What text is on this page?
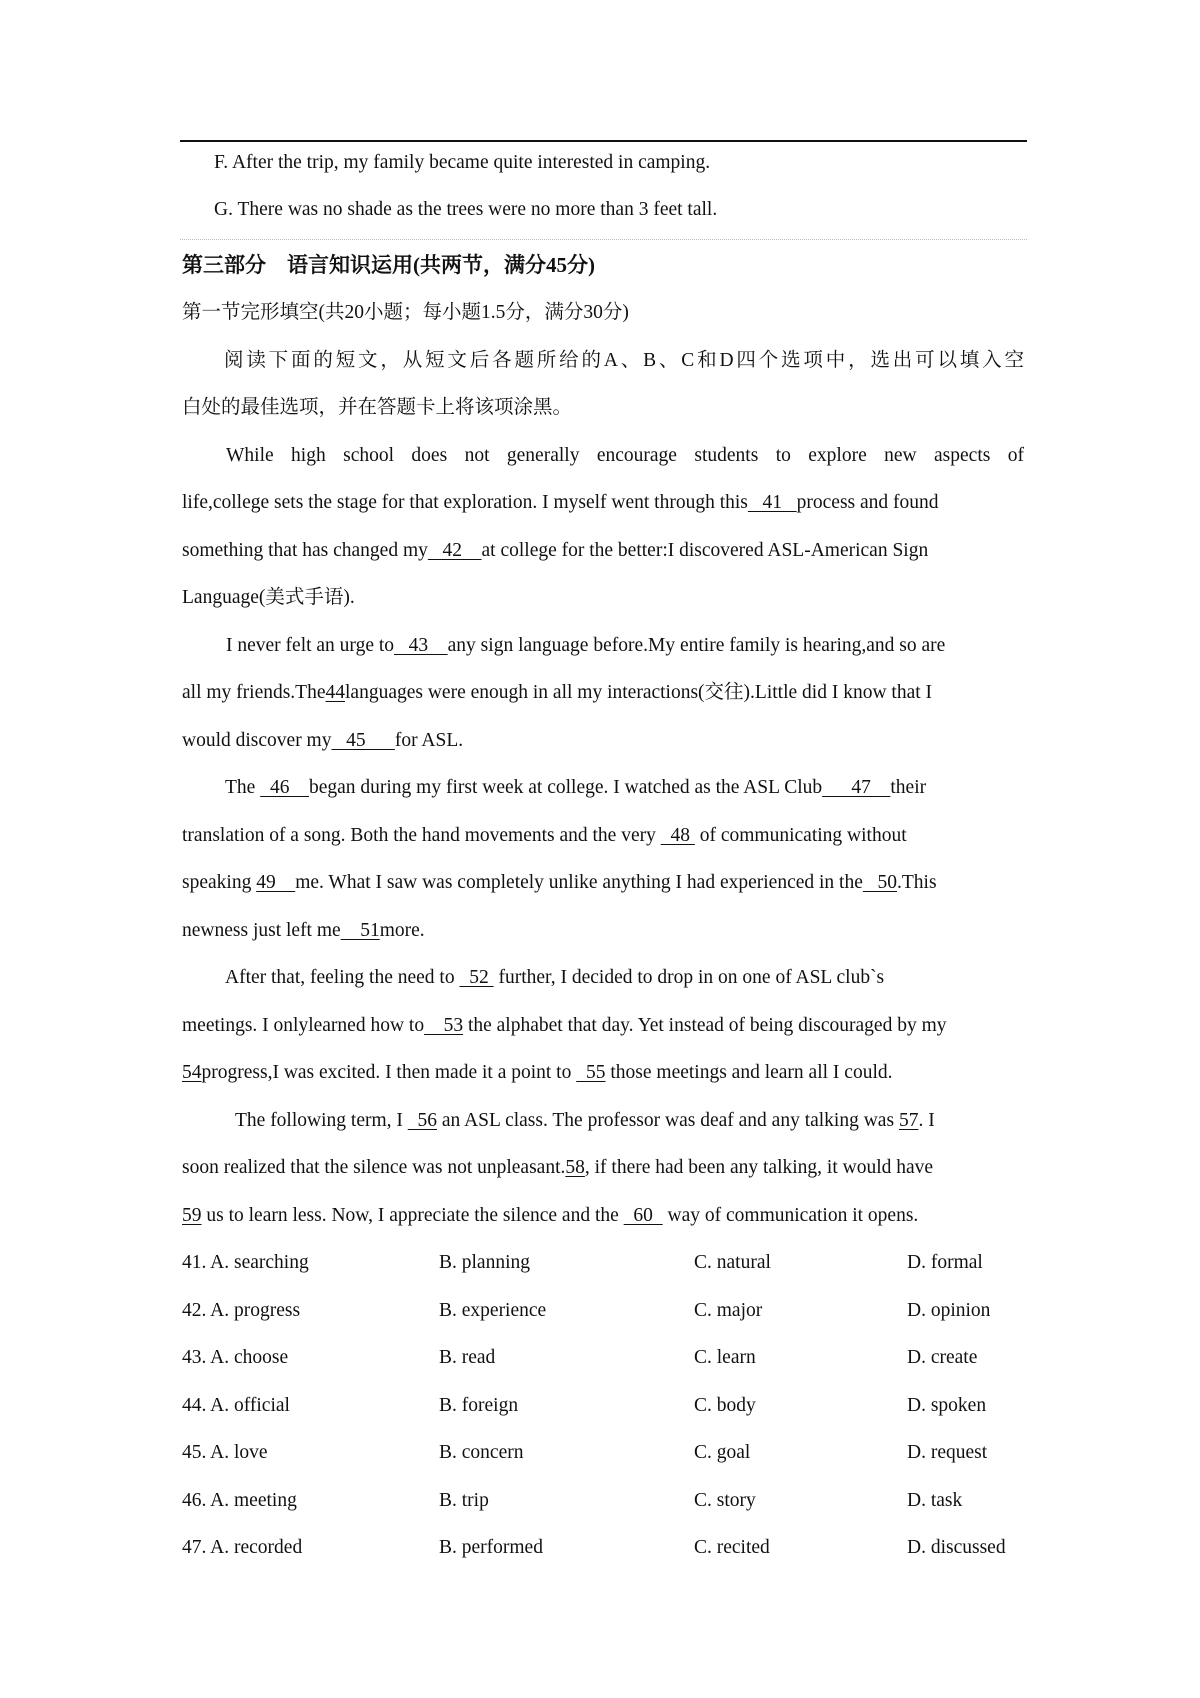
F. After the trip, my family became quite interested in camping.
G. There was no shade as the trees were no more than 3 feet tall.
第三部分　语言知识运用(共两节，满分45分)
第一节完形填空(共20小题；每小题1.5分，满分30分)
阅读下面的短文，从短文后各题所给的A、B、C和D四个选项中，选出可以填入空
白处的最佳选项，并在答题卡上将该项涂黑。
While high school does not generally encourage students to explore new aspects of
life,college sets the stage for that exploration. I myself went through this   41   process and found
something that has changed my   42    at college for the better:I discovered ASL-American Sign
Language(美式手语).
I never felt an urge to   43    any sign language before.My entire family is hearing,and so are
all my friends.The44languages were enough in all my interactions(交往).Little did I know that I
would discover my   45      for ASL.
The   46    began during my first week at college. I watched as the ASL Club      47    their
translation of a song. Both the hand movements and the very   48  of communicating without
speaking 49    me. What I saw was completely unlike anything I had experienced in the   50.This
newness just left me    51more.
After that, feeling the need to   52  further, I decided to drop in on one of ASL club`s
meetings. I onlylearned how to    53 the alphabet that day. Yet instead of being discouraged by my
54progress,I was excited. I then made it a point to   55 those meetings and learn all I could.
The following term, I   56 an ASL class. The professor was deaf and any talking was 57. I
soon realized that the silence was not unpleasant.58, if there had been any talking, it would have
59 us to learn less. Now, I appreciate the silence and the   60   way of communication it opens.
41. A. searching	B. planning	C. natural	D. formal
42. A. progress	B. experience	C. major	D. opinion
43. A. choose	B. read	C. learn	D. create
44. A. official	B. foreign	C. body	D. spoken
45. A. love	B. concern	C. goal	D. request
46. A. meeting	B. trip	C. story	D. task
47. A. recorded	B. performed	C. recited	D. discussed
